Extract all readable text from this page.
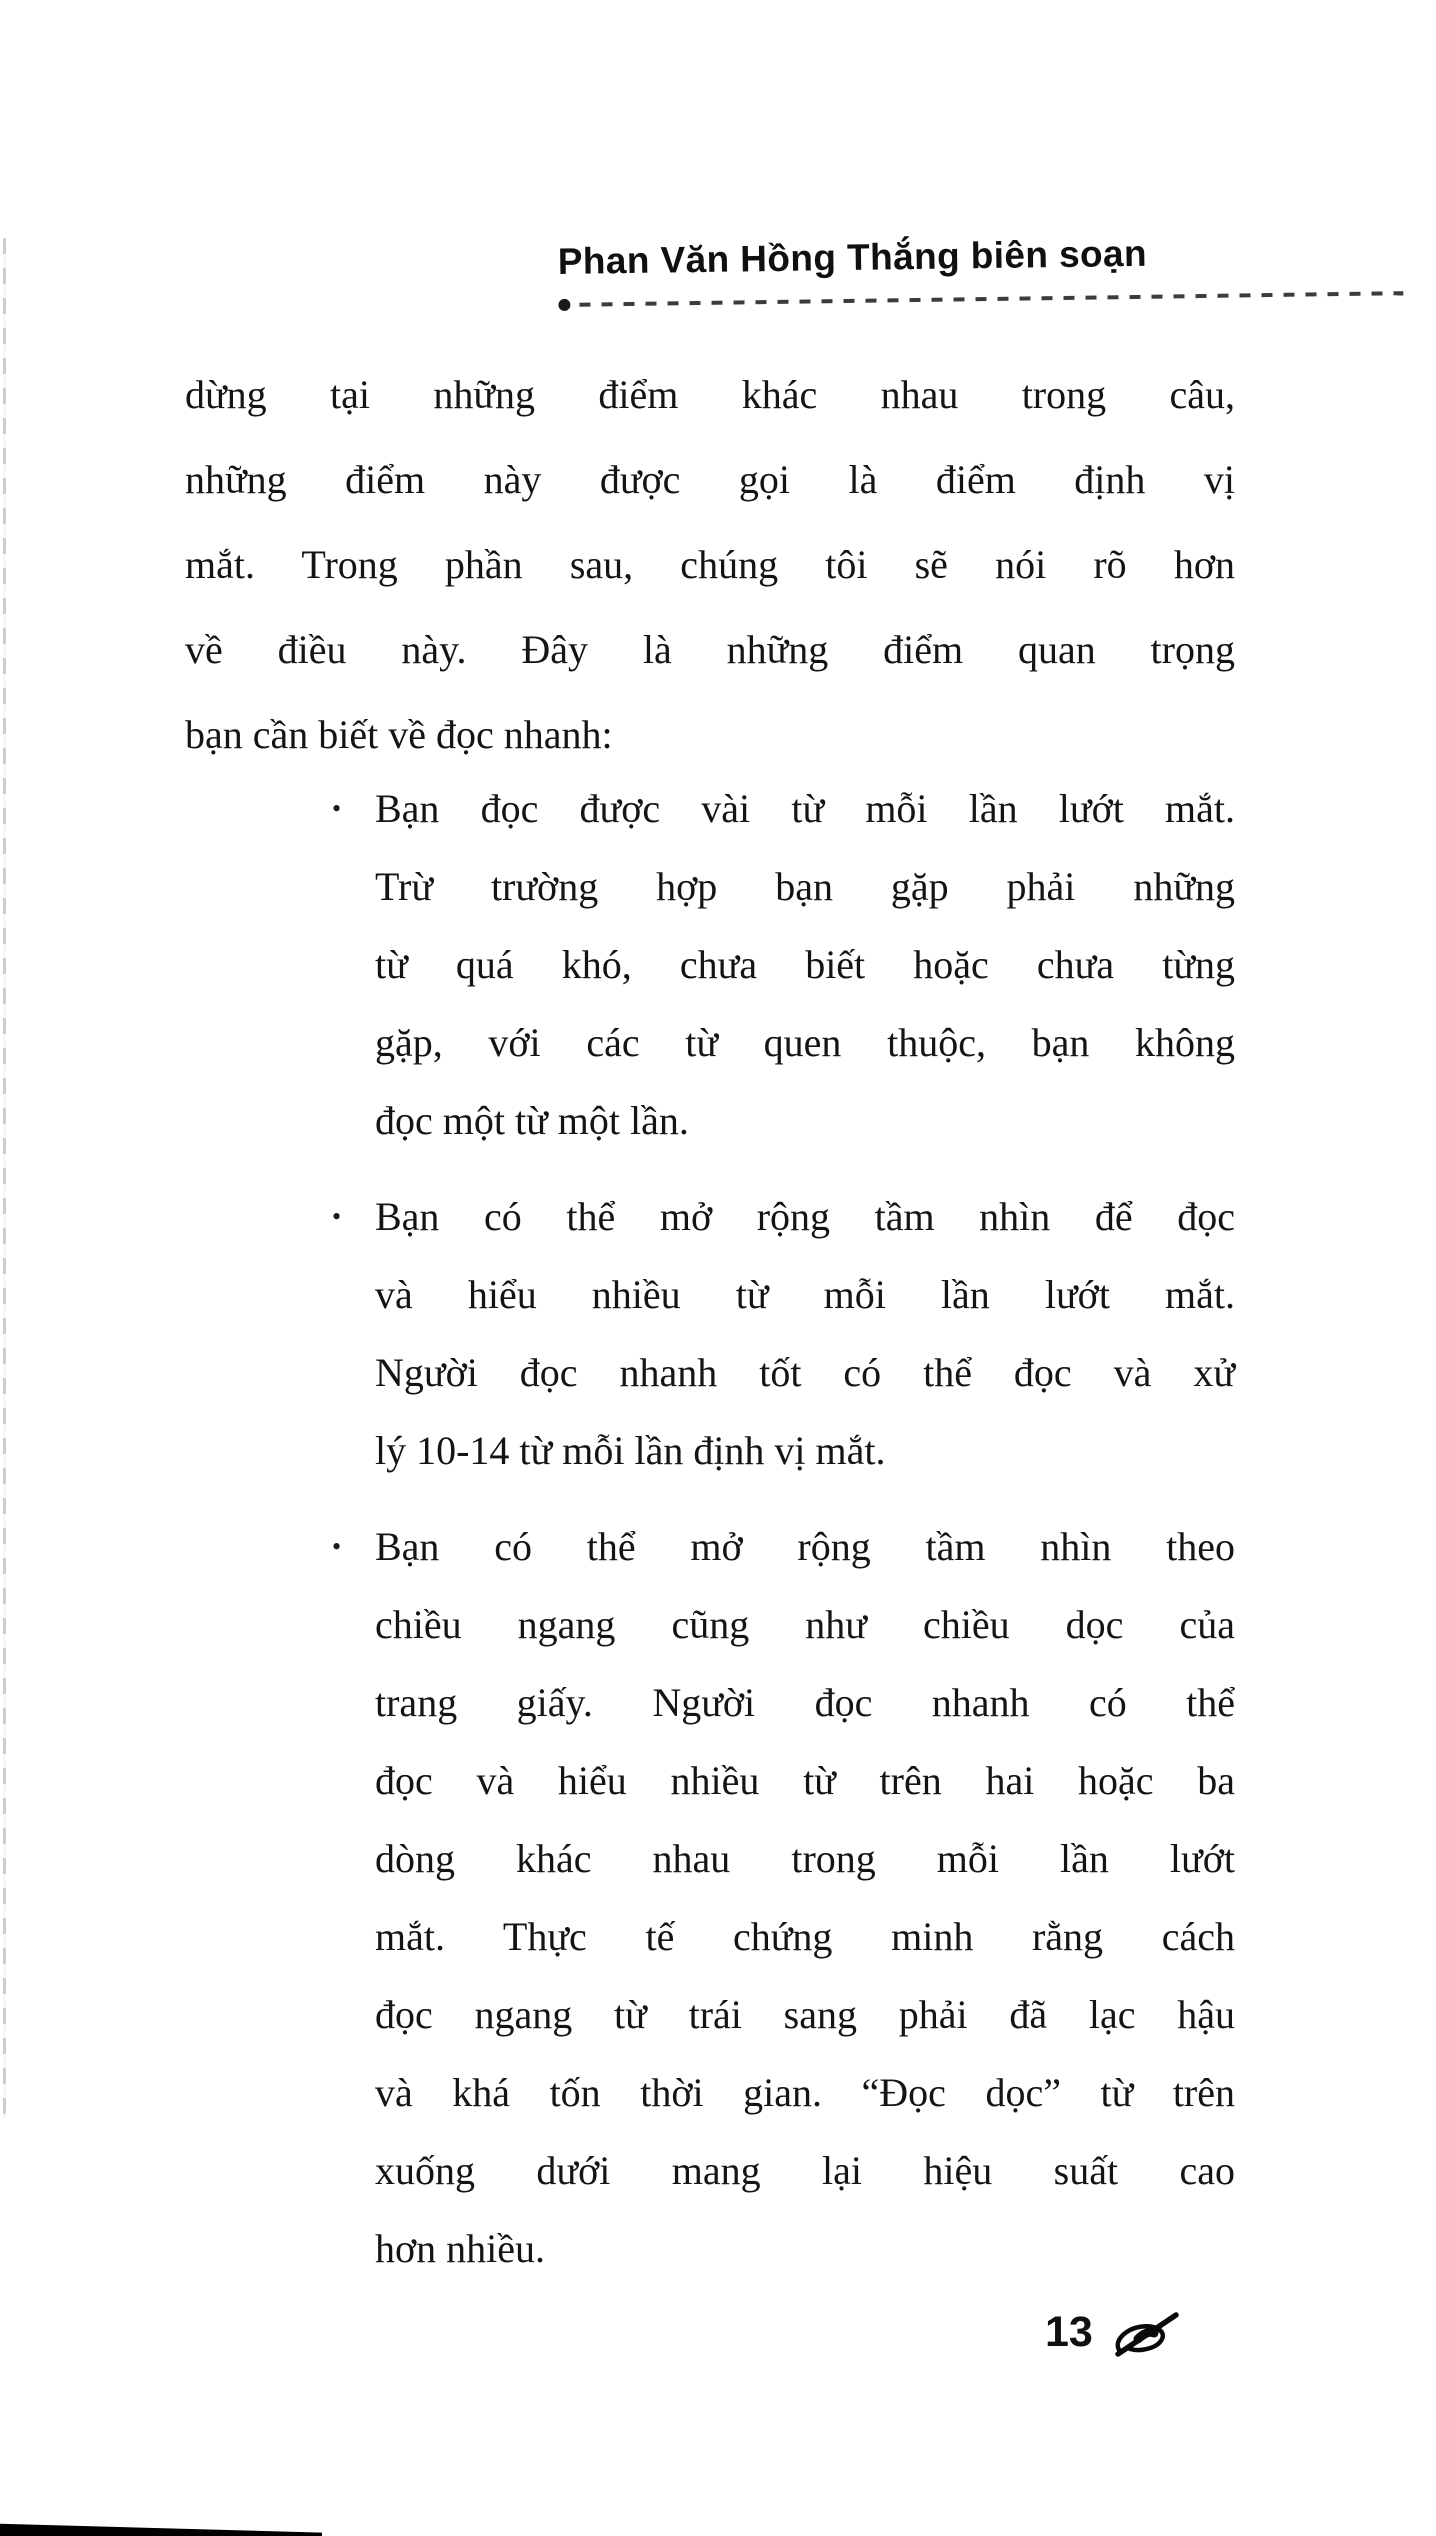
Phan Văn Hồng Thắng biên soạn
dừng tại những điểm khác nhau trong câu,
những điểm này được gọi là điểm định vị
mắt. Trong phần sau, chúng tôi sẽ nói rõ hơn
về điều này. Đây là những điểm quan trọng
bạn cần biết về đọc nhanh:
• Bạn đọc được vài từ mỗi lần lướt mắt.
Trừ trường hợp bạn gặp phải những
từ quá khó, chưa biết hoặc chưa từng
gặp, với các từ quen thuộc, bạn không
đọc một từ một lần.
• Bạn có thể mở rộng tầm nhìn để đọc
và hiểu nhiều từ mỗi lần lướt mắt.
Người đọc nhanh tốt có thể đọc và xử
lý 10-14 từ mỗi lần định vị mắt.
• Bạn có thể mở rộng tầm nhìn theo
chiều ngang cũng như chiều dọc của
trang giấy. Người đọc nhanh có thể
đọc và hiểu nhiều từ trên hai hoặc ba
dòng khác nhau trong mỗi lần lướt
mắt. Thực tế chứng minh rằng cách
đọc ngang từ trái sang phải đã lạc hậu
và khá tốn thời gian. “Đọc dọc” từ trên
xuống dưới mang lại hiệu suất cao
hơn nhiều.
13
